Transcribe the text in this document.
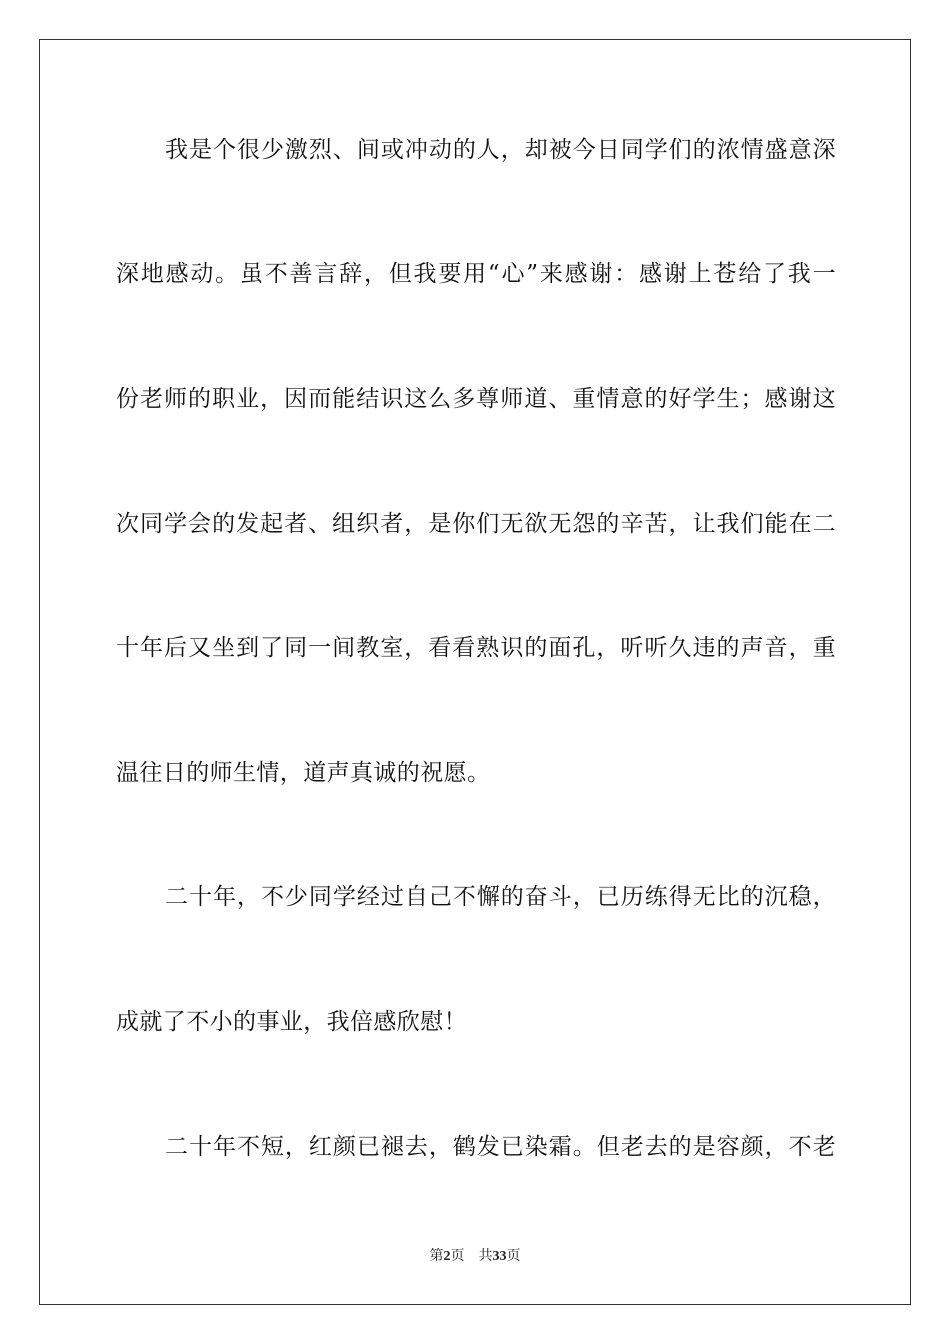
我是个很少激烈、间或冲动的人，却被今日同学们的浓情盛意深
深地感动。虽不善言辞，但我要用“心”来感谢：感谢上苍给了我一
份老师的职业，因而能结识这么多尊师道、重情意的好学生；感谢这
次同学会的发起者、组织者，是你们无欲无怨的辛苦，让我们能在二
十年后又坐到了同一间教室，看看熟识的面孔，听听久违的声音，重
温往日的师生情，道声真诚的祝愿。
二十年，不少同学经过自己不懈的奋斗，已历练得无比的沉稳，
成就了不小的事业，我倍感欣慰！
二十年不短，红颜已褪去，鹤发已染霜。但老去的是容颜，不老
第2页 共33页
